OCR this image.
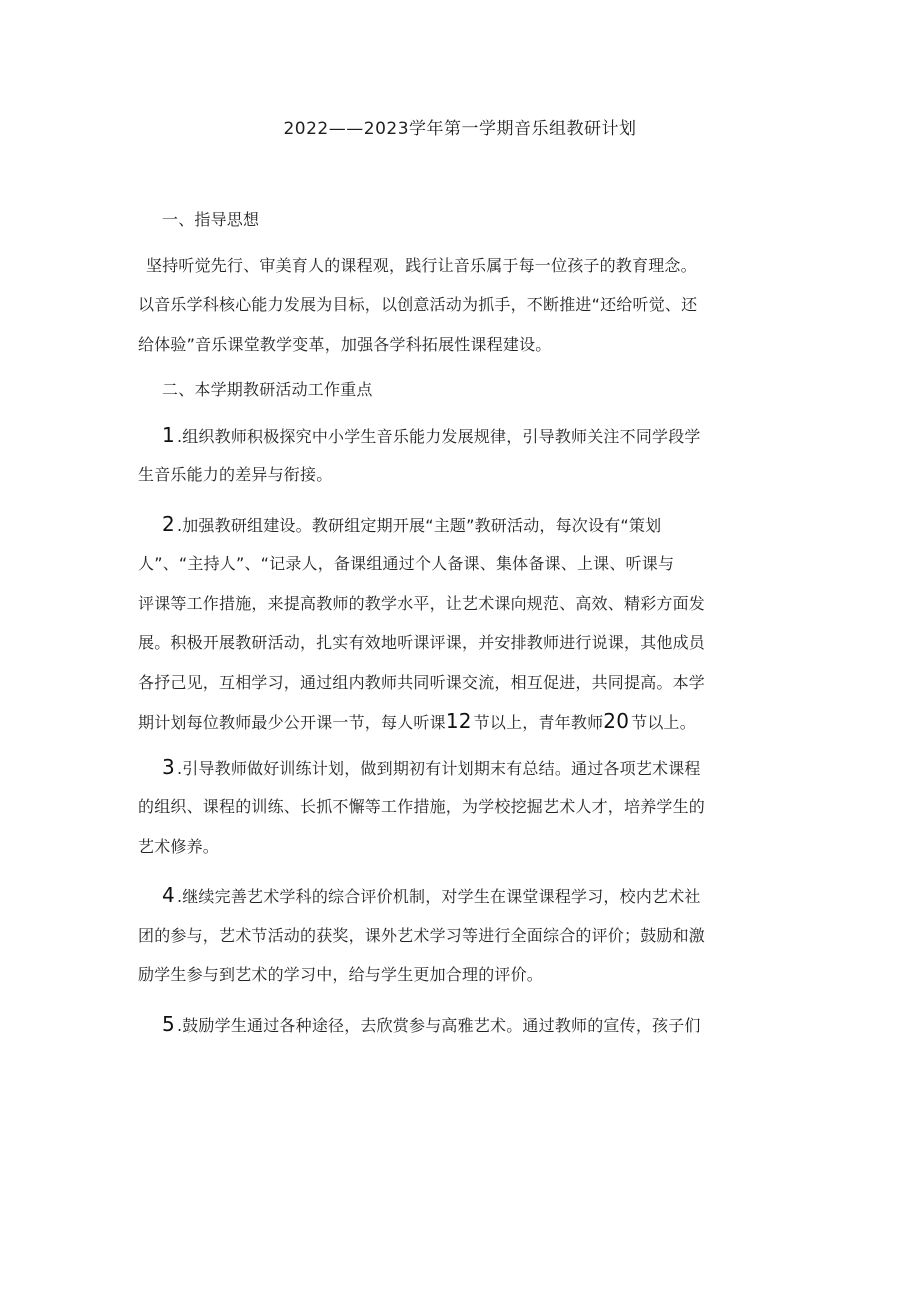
2022——2023学年第一学期音乐组教研计划
一、指导思想
坚持听觉先行、审美育人的课程观，践行让音乐属于每一位孩子的教育理念。
以音乐学科核心能力发展为目标，以创意活动为抓手，不断推进“还给听觉、还
给体验”音乐课堂教学变革，加强各学科拓展性课程建设。
二、本学期教研活动工作重点
1 .组织教师积极探究中小学生音乐能力发展规律，引导教师关注不同学段学
生音乐能力的差异与衔接。
2 .加强教研组建设。教研组定期开展“主题”教研活动，每次设有“策划
人”、“主持人”、“记录人，备课组通过个人备课、集体备课、上课、听课与
评课等工作措施，来提高教师的教学水平，让艺术课向规范、高效、精彩方面发
展。积极开展教研活动，扎实有效地听课评课，并安排教师进行说课，其他成员
各抒己见，互相学习，通过组内教师共同听课交流，相互促进，共同提高。本学
期计划每位教师最少公开课一节，每人听课12 节以上，青年教师20 节以上。
3 .引导教师做好训练计划，做到期初有计划期末有总结。通过各项艺术课程
的组织、课程的训练、长抓不懈等工作措施，为学校挖掘艺术人才，培养学生的
艺术修养。
4 .继续完善艺术学科的综合评价机制，对学生在课堂课程学习，校内艺术社
团的参与，艺术节活动的获奖，课外艺术学习等进行全面综合的评价；鼓励和激
励学生参与到艺术的学习中，给与学生更加合理的评价。
5 .鼓励学生通过各种途径，去欣赏参与高雅艺术。通过教师的宣传，孩子们
